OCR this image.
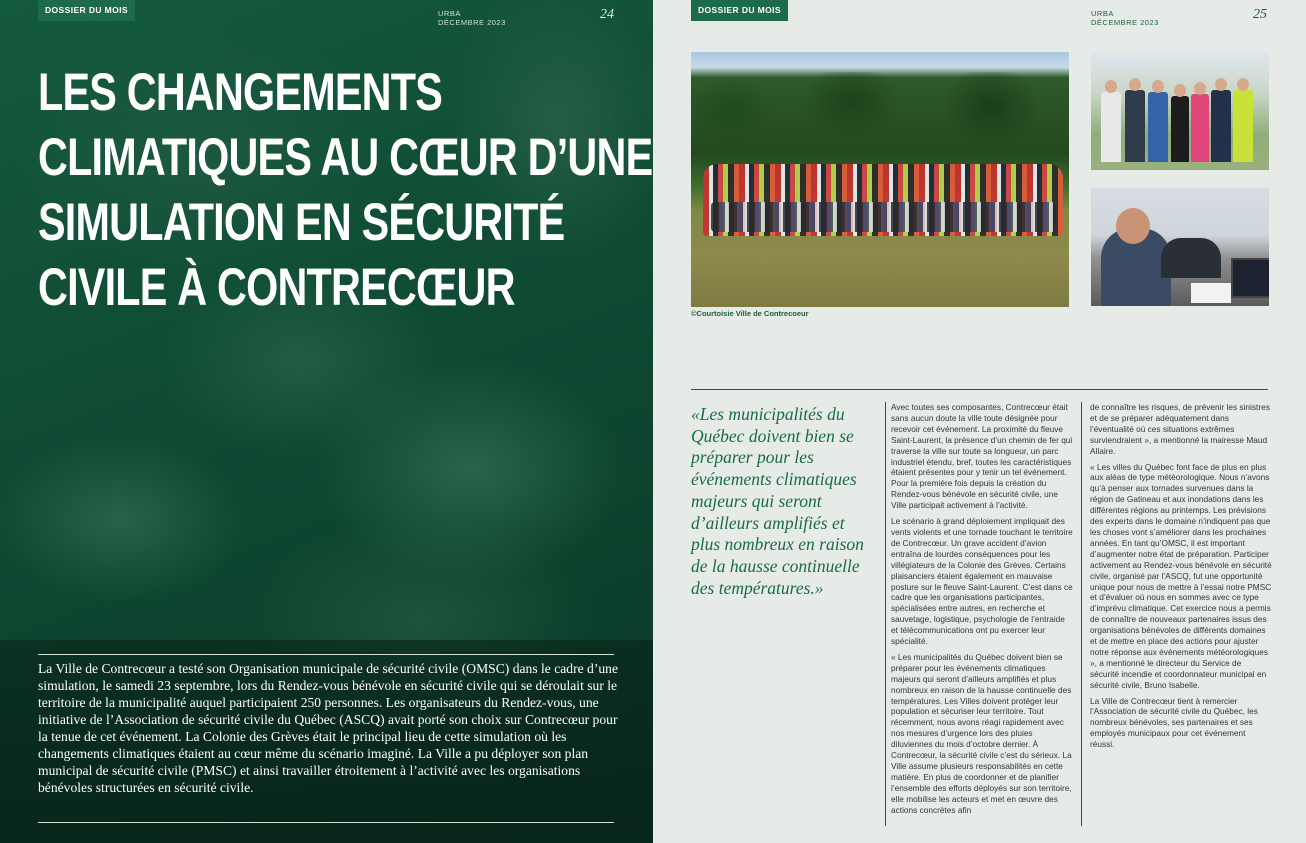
DOSSIER DU MOIS	URBA
DÉCEMBRE 2023
24
LES CHANGEMENTS
CLIMATIQUES AU CŒUR D’UNE
SIMULATION EN SÉCURITÉ
CIVILE À CONTRECŒUR

La Ville de Contrecœur a testé son Organisation municipale de sécurité civile (OMSC) dans le cadre d’une simulation, le samedi 23 septembre, lors du Rendez-vous bénévole en sécurité civile qui se déroulait sur le territoire de la municipalité auquel participaient 250 personnes. Les organisateurs du Rendez-vous, une initiative de l’Association de sécurité civile du Québec (ASCQ) avait porté son choix sur Contrecœur pour la tenue de cet événement. La Colonie des Grèves était le principal lieu de cette simulation où les changements climatiques étaient au cœur même du scénario imaginé. La Ville a pu déployer son plan municipal de sécurité civile (PMSC) et ainsi travailler étroitement à l’activité avec les organisations bénévoles structurées en sécurité civile.

DOSSIER DU MOIS	URBA
DÉCEMBRE 2023
25
©Courtoisie Ville de Contrecoeur

«Les municipalités du Québec doivent bien se préparer pour les événements climatiques majeurs qui seront d’ailleurs amplifiés et plus nombreux en raison de la hausse continuelle des températures.»

Avec toutes ses composantes, Contrecœur était sans aucun doute la ville toute désignée pour recevoir cet événement. La proximité du fleuve Saint-Laurent, la présence d’un chemin de fer qui traverse la ville sur toute sa longueur, un parc industriel étendu, bref, toutes les caractéristiques étaient présentes pour y tenir un tel événement. Pour la première fois depuis la création du Rendez-vous bénévole en sécurité civile, une Ville participait activement à l’activité.

Le scénario à grand déploiement impliquait des vents violents et une tornade touchant le territoire de Contrecœur. Un grave accident d’avion entraîna de lourdes conséquences pour les villégiateurs de la Colonie des Grèves. Certains plaisanciers étaient également en mauvaise posture sur le fleuve Saint-Laurent. C’est dans ce cadre que les organisations participantes, spécialisées entre autres, en recherche et sauvetage, logistique, psychologie de l’entraide et télécommunications ont pu exercer leur spécialité.

« Les municipalités du Québec doivent bien se préparer pour les événements climatiques majeurs qui seront d’ailleurs amplifiés et plus nombreux en raison de la hausse continuelle des températures. Les Villes doivent protéger leur population et sécuriser leur territoire. Tout récemment, nous avons réagi rapidement avec nos mesures d’urgence lors des pluies diluviennes du mois d’octobre dernier. À Contrecœur, la sécurité civile c’est du sérieux. La Ville assume plusieurs responsabilités en cette matière. En plus de coordonner et de planifier l’ensemble des efforts déployés sur son territoire, elle mobilise les acteurs et met en œuvre des actions concrètes afin

de connaître les risques, de prévenir les sinistres et de se préparer adéquatement dans l’éventualité où ces situations extrêmes surviendraient », a mentionné la mairesse Maud Allaire.

« Les villes du Québec font face de plus en plus aux aléas de type météorologique. Nous n’avons qu’à penser aux tornades survenues dans la région de Gatineau et aux inondations dans les différentes régions au printemps. Les prévisions des experts dans le domaine n’indiquent pas que les choses vont s’améliorer dans les prochaines années. En tant qu’OMSC, il est important d’augmenter notre état de préparation. Participer activement au Rendez-vous bénévole en sécurité civile, organisé par l’ASCQ, fut une opportunité unique pour nous de mettre à l’essai notre PMSC et d’évaluer où nous en sommes avec ce type d’imprévu climatique. Cet exercice nous a permis de connaître de nouveaux partenaires issus des organisations bénévoles de différents domaines et de mettre en place des actions pour ajuster notre réponse aux événements météorologiques », a mentionné le directeur du Service de sécurité incendie et coordonnateur municipal en sécurité civile, Bruno Isabelle.

La Ville de Contrecœur tient à remercier l’Association de sécurité civile du Québec, les nombreux bénévoles, ses partenaires et ses employés municipaux pour cet événement réussi.
